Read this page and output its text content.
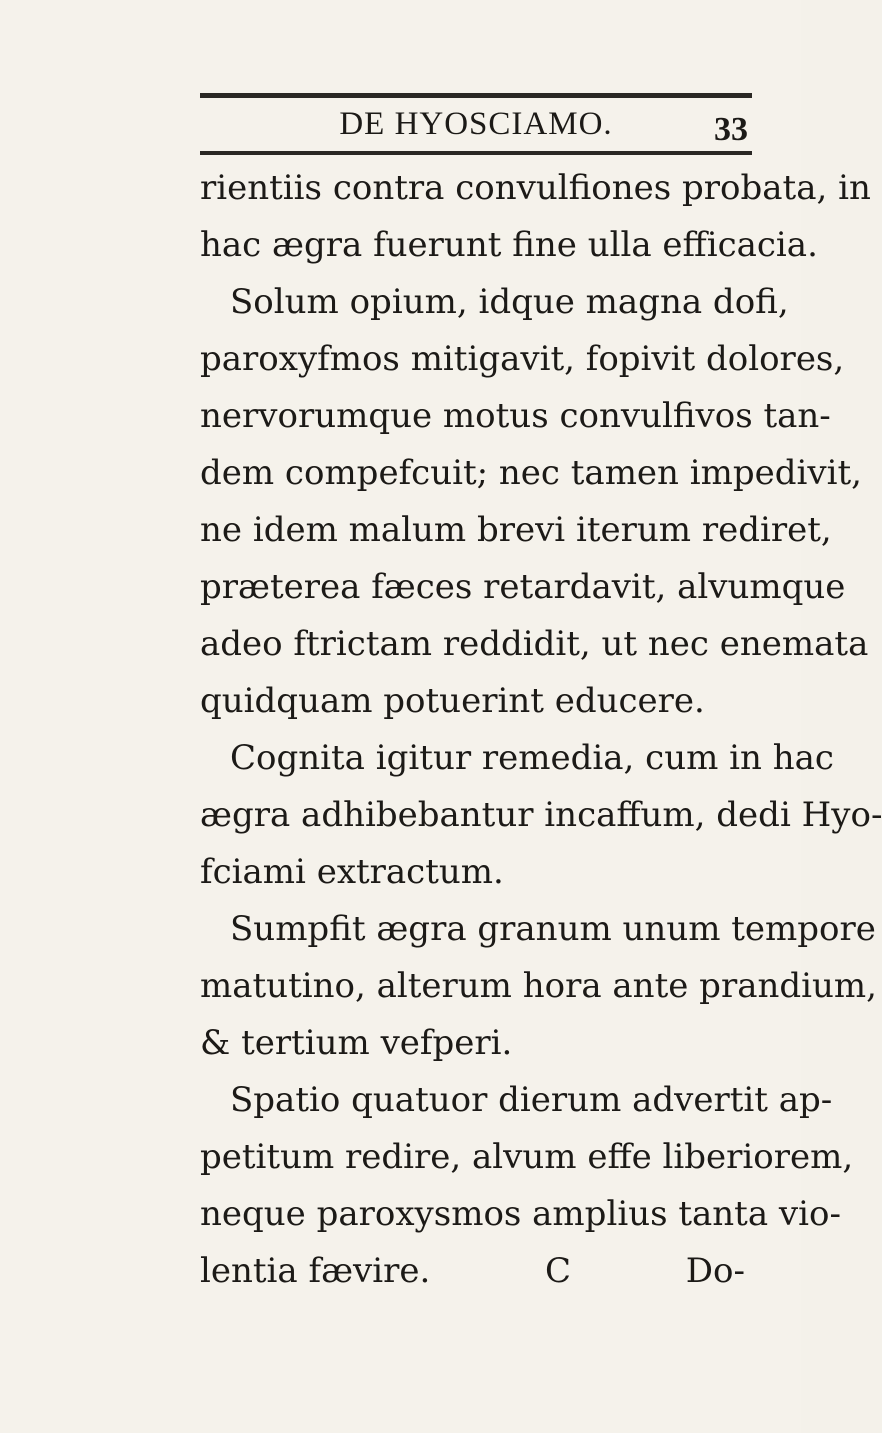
DE HYOSCIAMO.	33
rientiis contra convulfiones probata, in
hac ægra fuerunt fine ulla efficacia.
Solum opium, idque magna dofi,
paroxyfmos mitigavit, fopivit dolores,
nervorumque motus convulfivos tan-
dem compefcuit; nec tamen impedivit,
ne idem malum brevi iterum rediret,
præterea fæces retardavit, alvumque
adeo ftrictam reddidit, ut nec enemata
quidquam potuerint educere.
Cognita igitur remedia, cum in hac
ægra adhibebantur incaffum, dedi Hyo-
fciami extractum.
Sumpfit ægra granum unum tempore
matutino, alterum hora ante prandium,
& tertium vefperi.
Spatio quatuor dierum advertit ap-
petitum redire, alvum effe liberiorem,
neque paroxysmos amplius tanta vio-
lentia fævire.	C	Do-
